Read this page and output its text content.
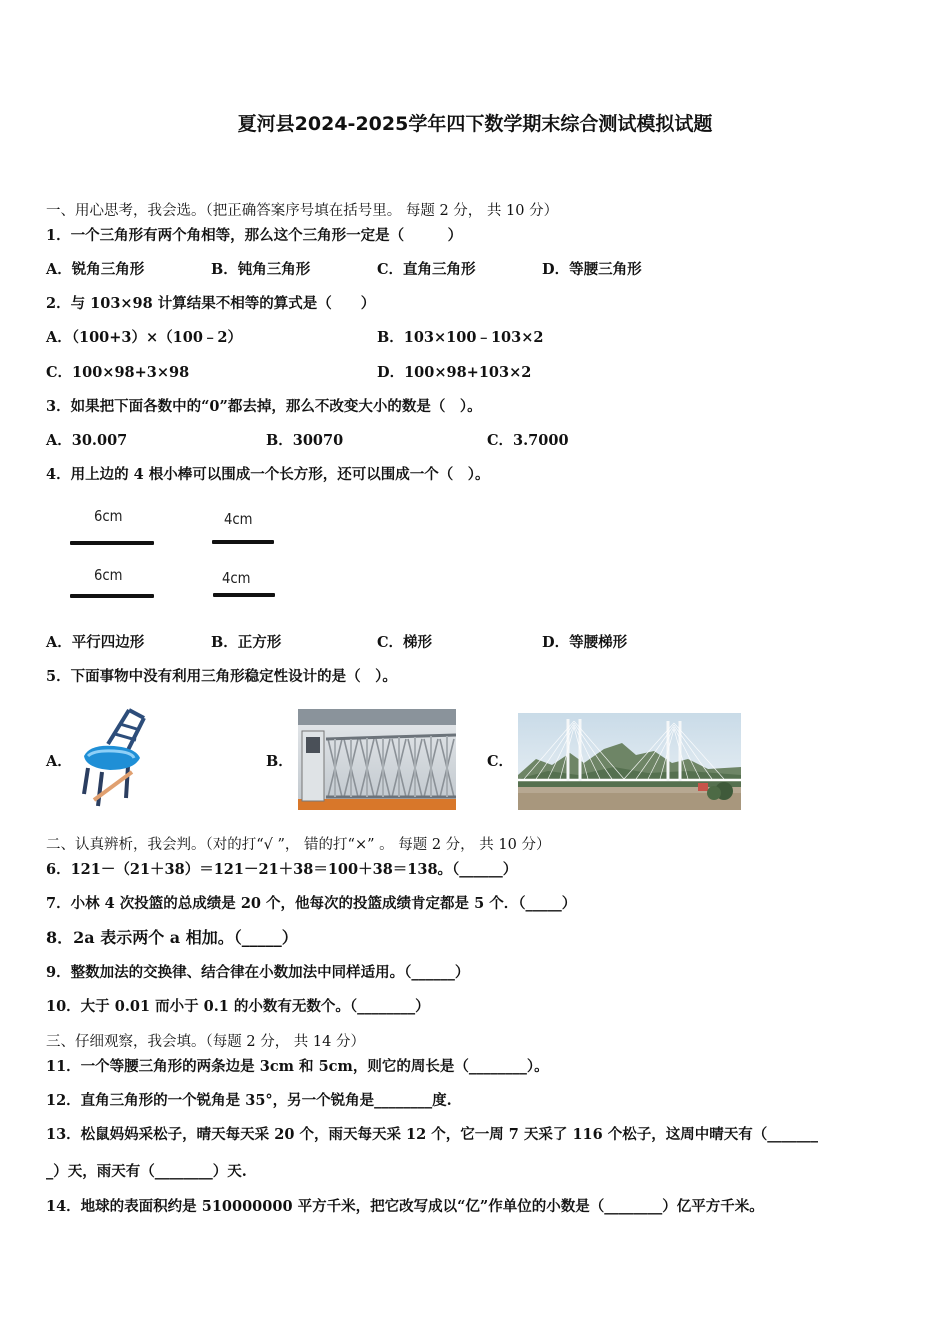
夏河县2024-2025学年四下数学期末综合测试模拟试题
一、用心思考，我会选。（把正确答案序号填在括号里。 每题 2 分， 共 10 分）
1．一个三角形有两个角相等，那么这个三角形一定是（　　　）
A．锐角三角形	B．钝角三角形	C．直角三角形	D．等腰三角形
2．与 103×98 计算结果不相等的算式是（　　）
A．（100+3）×（100﹣2）	B．103×100﹣103×2
C．100×98+3×98	D．100×98+103×2
3．如果把下面各数中的“0”都去掉，那么不改变大小的数是（　）。
A．30.007	B．30070	C．3.7000
4．用上边的 4 根小棒可以围成一个长方形，还可以围成一个（　）。
6cm
6cm
4cm
4cm
A．平行四边形	B．正方形	C．梯形	D．等腰梯形
5．下面事物中没有利用三角形稳定性设计的是（　）。
A．	B．	C．
二、认真辨析，我会判。（对的打“√ ”， 错的打“×” 。 每题 2 分， 共 10 分）
6．121－（21＋38）＝121－21＋38＝100＋38＝138。（______）
7．小林 4 次投篮的总成绩是 20 个，他每次的投篮成绩肯定都是 5 个．（_____）
8．2a 表示两个 a 相加。（_____）
9．整数加法的交换律、结合律在小数加法中同样适用。（______）
10．大于 0.01 而小于 0.1 的小数有无数个。（________）
三、仔细观察，我会填。（每题 2 分， 共 14 分）
11．一个等腰三角形的两条边是 3cm 和 5cm，则它的周长是（________）。
12．直角三角形的一个锐角是 35°，另一个锐角是________度.
13．松鼠妈妈采松子，晴天每天采 20 个，雨天每天采 12 个，它一周 7 天采了 116 个松子，这周中晴天有（_______
_）天，雨天有（________）天.
14．地球的表面积约是 510000000 平方千米，把它改写成以“亿”作单位的小数是（________）亿平方千米。
